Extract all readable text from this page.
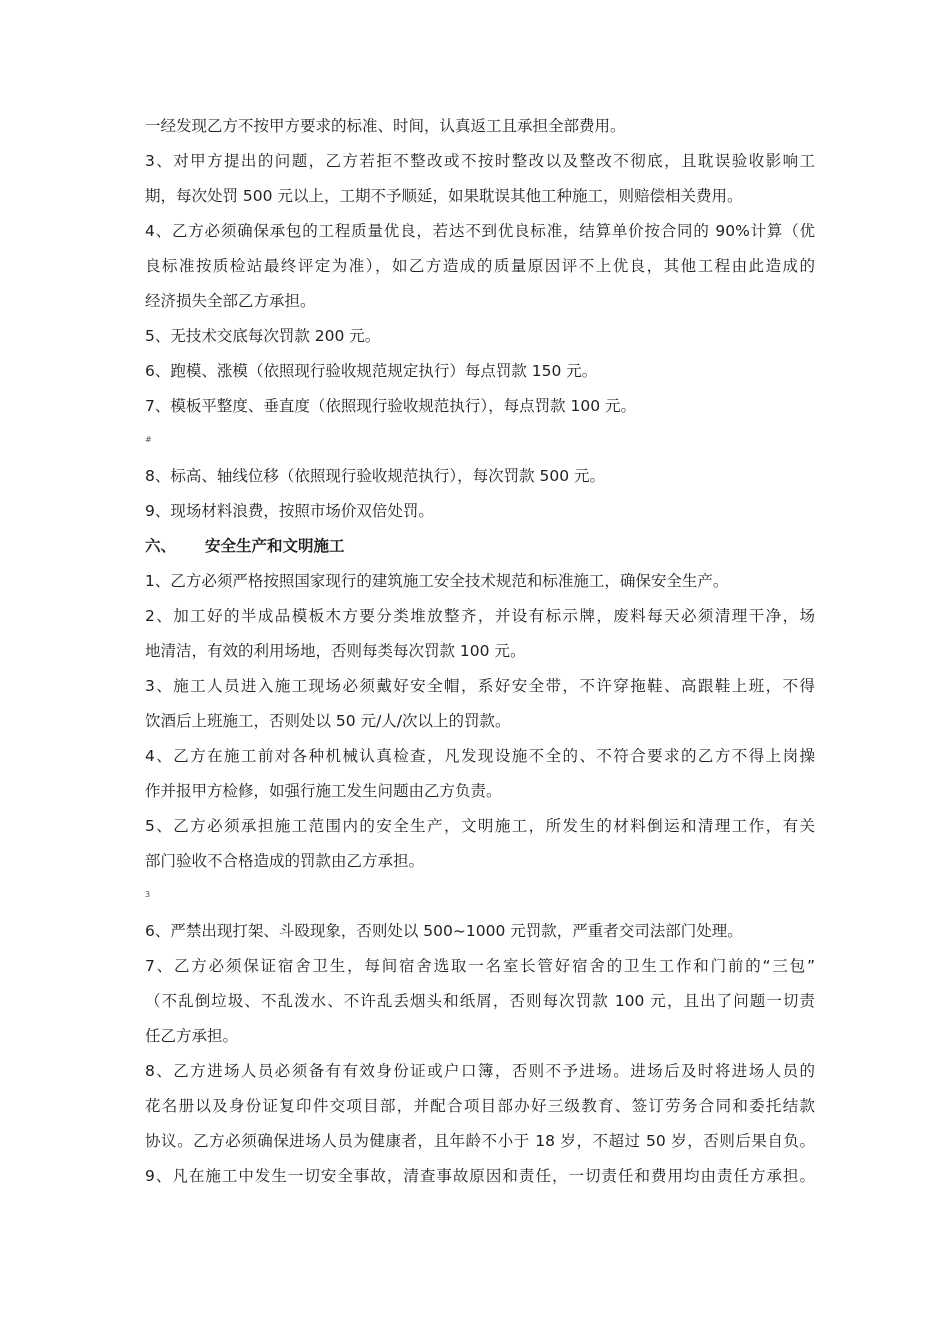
一经发现乙方不按甲方要求的标准、时间，认真返工且承担全部费用。
3、对甲方提出的问题，乙方若拒不整改或不按时整改以及整改不彻底，且耽误验收影响工
期，每次处罚 500 元以上，工期不予顺延，如果耽误其他工种施工，则赔偿相关费用。
4、乙方必须确保承包的工程质量优良，若达不到优良标准，结算单价按合同的 90%计算（优
良标准按质检站最终评定为准），如乙方造成的质量原因评不上优良，其他工程由此造成的
经济损失全部乙方承担。
5、无技术交底每次罚款 200 元。
6、跑模、涨模（依照现行验收规范规定执行）每点罚款 150 元。
7、模板平整度、垂直度（依照现行验收规范执行），每点罚款 100 元。
#
8、标高、轴线位移（依照现行验收规范执行），每次罚款 500 元。
9、现场材料浪费，按照市场价双倍处罚。
六、 安全生产和文明施工
1、乙方必须严格按照国家现行的建筑施工安全技术规范和标准施工，确保安全生产。
2、加工好的半成品模板木方要分类堆放整齐，并设有标示牌，废料每天必须清理干净，场
地清洁，有效的利用场地，否则每类每次罚款 100 元。
3、施工人员进入施工现场必须戴好安全帽，系好安全带，不许穿拖鞋、高跟鞋上班，不得
饮酒后上班施工，否则处以 50 元/人/次以上的罚款。
4、乙方在施工前对各种机械认真检查，凡发现设施不全的、不符合要求的乙方不得上岗操
作并报甲方检修，如强行施工发生问题由乙方负责。
5、乙方必须承担施工范围内的安全生产，文明施工，所发生的材料倒运和清理工作，有关
部门验收不合格造成的罚款由乙方承担。
3
6、严禁出现打架、斗殴现象，否则处以 500~1000 元罚款，严重者交司法部门处理。
7、乙方必须保证宿舍卫生，每间宿舍选取一名室长管好宿舍的卫生工作和门前的“三包”
（不乱倒垃圾、不乱泼水、不许乱丢烟头和纸屑，否则每次罚款 100 元，且出了问题一切责
任乙方承担。
8、乙方进场人员必须备有有效身份证或户口簿，否则不予进场。进场后及时将进场人员的
花名册以及身份证复印件交项目部，并配合项目部办好三级教育、签订劳务合同和委托结款
协议。乙方必须确保进场人员为健康者，且年龄不小于 18 岁，不超过 50 岁，否则后果自负。
9、凡在施工中发生一切安全事故，清查事故原因和责任，一切责任和费用均由责任方承担。
